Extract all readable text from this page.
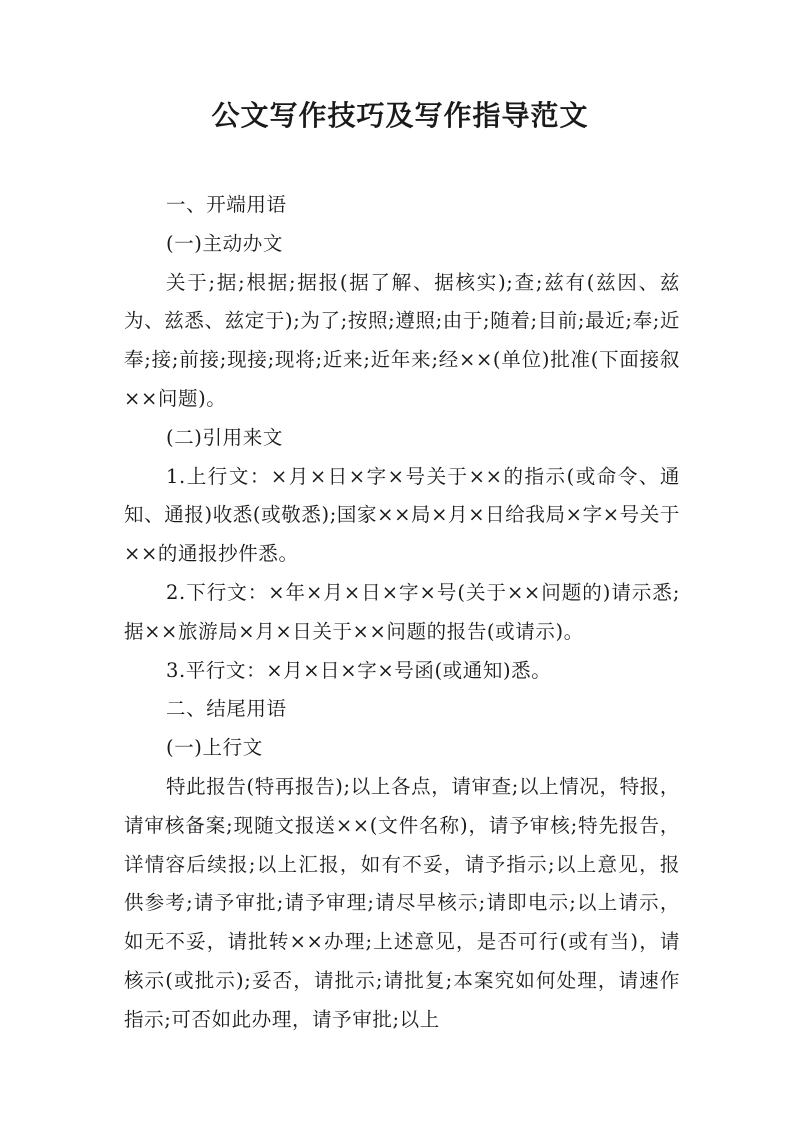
公文写作技巧及写作指导范文

一、开端用语

(一)主动办文

关于;据;根据;据报(据了解、据核实);查;兹有(兹因、兹为、兹悉、兹定于);为了;按照;遵照;由于;随着;目前;最近;奉;近奉;接;前接;现接;现将;近来;近年来;经××(单位)批准(下面接叙××问题)。

(二)引用来文

1.上行文：×月×日×字×号关于××的指示(或命令、通知、通报)收悉(或敬悉);国家××局×月×日给我局×字×号关于××的通报抄件悉。

2.下行文：×年×月×日×字×号(关于××问题的)请示悉;据××旅游局×月×日关于××问题的报告(或请示)。

3.平行文：×月×日×字×号函(或通知)悉。

二、结尾用语

(一)上行文

特此报告(特再报告);以上各点，请审查;以上情况，特报，请审核备案;现随文报送××(文件名称)，请予审核;特先报告，详情容后续报;以上汇报，如有不妥，请予指示;以上意见，报供参考;请予审批;请予审理;请尽早核示;请即电示;以上请示，如无不妥，请批转××办理;上述意见，是否可行(或有当)，请核示(或批示);妥否，请批示;请批复;本案究如何处理，请速作指示;可否如此办理，请予审批;以上
